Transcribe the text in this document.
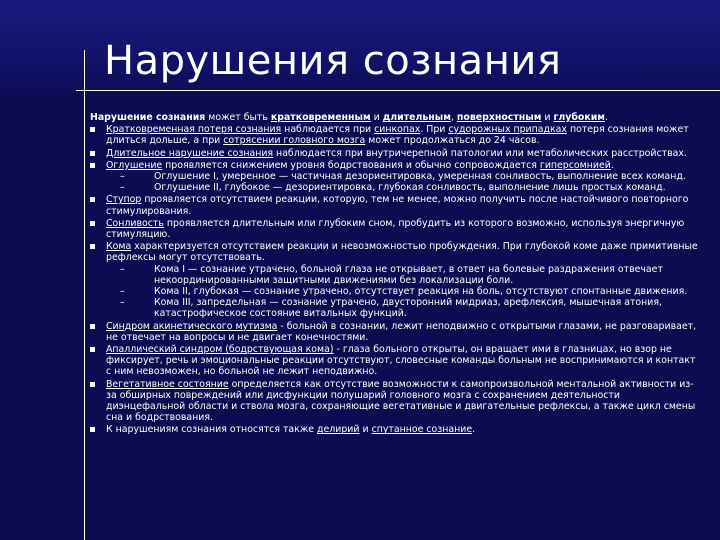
Нарушения сознания
Нарушение сознания может быть кратковременным и длительным, поверхностным и глубоким.
Кратковременная потеря сознания наблюдается при синкопах. При судорожных припадках потеря сознания может длиться дольше, а при сотрясении головного мозга может продолжаться до 24 часов.
Длительное нарушение сознания наблюдается при внутричерепной патологии или метаболических расстройствах.
Оглушение проявляется снижением уровня бодрствования и обычно сопровождается гиперсомнией.
–	Оглушение I, умеренное — частичная дезориентировка, умеренная сонливость, выполнение всех команд.
–	Оглушение II, глубокое — дезориентировка, глубокая сонливость, выполнение лишь простых команд.
Ступор проявляется отсутствием реакции, которую, тем не менее, можно получить после настойчивого повторного стимулирования.
Сонливость проявляется длительным или глубоким сном, пробудить из которого возможно, используя энергичную стимуляцию.
Кома характеризуется отсутствием реакции и невозможностью пробуждения. При глубокой коме даже примитивные рефлексы могут отсутствовать.
–	Кома I — сознание утрачено, больной глаза не открывает, в ответ на болевые раздражения отвечает некоординированными защитными движениями без локализации боли.
–	Кома II, глубокая — сознание утрачено, отсутствует реакция на боль, отсутствуют спонтанные движения.
–	Кома III, запредельная — сознание утрачено, двусторонний мидриаз, арефлексия, мышечная атония, катастрофическое состояние витальных функций.
Синдром акинетического мутизма - больной в сознании, лежит неподвижно с открытыми глазами, не разговаривает, не отвечает на вопросы и не двигает конечностями.
Апаллический синдром (бодрствующая кома) - глаза больного открыты, он вращает ими в глазницах, но взор не фиксирует, речь и эмоциональные реакции отсутствуют, словесные команды больным не воспринимаются и контакт с ним невозможен, но больной не лежит неподвижно.
Вегетативное состояние определяется как отсутствие возможности к самопроизвольной ментальной активности из-за обширных повреждений или дисфункции полушарий головного мозга с сохранением деятельности диэнцефальной области и ствола мозга, сохраняющие вегетативные и двигательные рефлексы, а также цикл смены сна и бодрствования.
К нарушениям сознания относятся также делирий и спутанное сознание.
